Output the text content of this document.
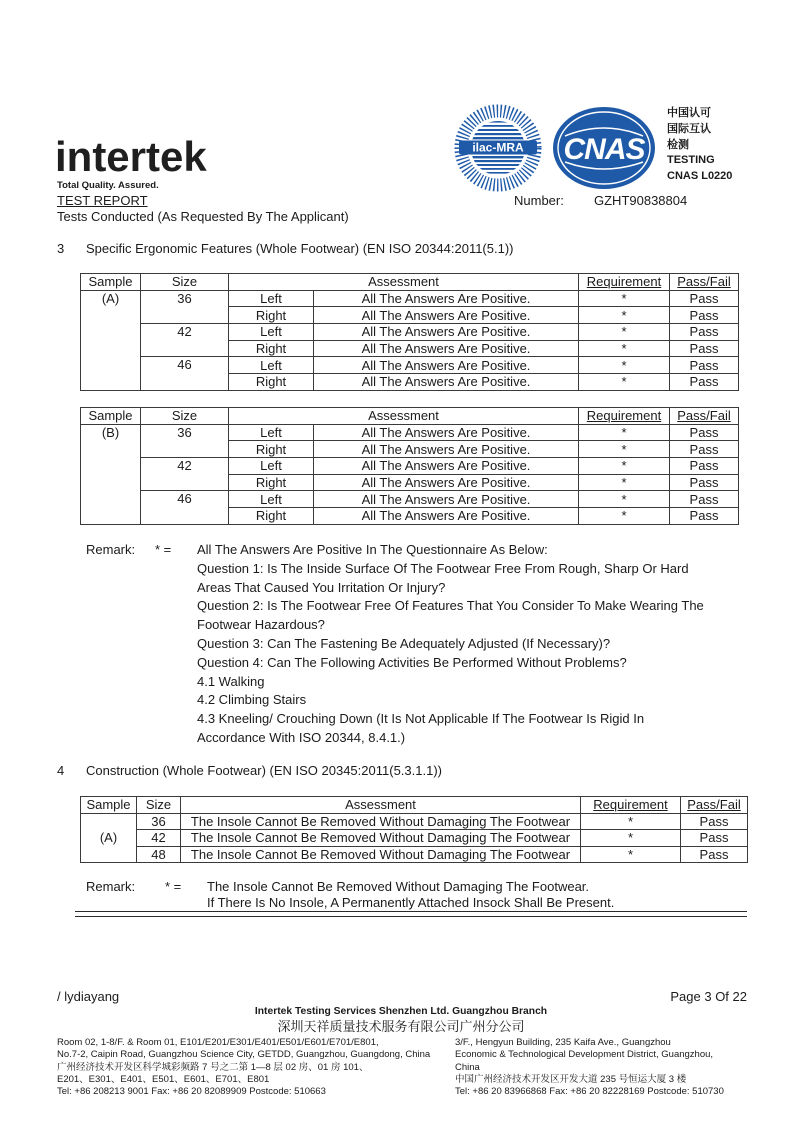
intertek
Total Quality. Assured.
ilac-MRA CNAS
中国认可
国际互认
检测
TESTING
CNAS L0220
TEST REPORT	Number: GZHT90838804
Tests Conducted (As Requested By The Applicant)
3 Specific Ergonomic Features (Whole Footwear) (EN ISO 20344:2011(5.1))
Sample	Size	Assessment		Requirement	Pass/Fail
(A)	36	Left	All The Answers Are Positive.	*	Pass
		Right	All The Answers Are Positive.	*	Pass
	42	Left	All The Answers Are Positive.	*	Pass
		Right	All The Answers Are Positive.	*	Pass
	46	Left	All The Answers Are Positive.	*	Pass
		Right	All The Answers Are Positive.	*	Pass
Sample	Size	Assessment		Requirement	Pass/Fail
(B)	36	Left	All The Answers Are Positive.	*	Pass
		Right	All The Answers Are Positive.	*	Pass
	42	Left	All The Answers Are Positive.	*	Pass
		Right	All The Answers Are Positive.	*	Pass
	46	Left	All The Answers Are Positive.	*	Pass
		Right	All The Answers Are Positive.	*	Pass
Remark: * = All The Answers Are Positive In The Questionnaire As Below:
Question 1: Is The Inside Surface Of The Footwear Free From Rough, Sharp Or Hard
Areas That Caused You Irritation Or Injury?
Question 2: Is The Footwear Free Of Features That You Consider To Make Wearing The
Footwear Hazardous?
Question 3: Can The Fastening Be Adequately Adjusted (If Necessary)?
Question 4: Can The Following Activities Be Performed Without Problems?
4.1 Walking
4.2 Climbing Stairs
4.3 Kneeling/ Crouching Down (It Is Not Applicable If The Footwear Is Rigid In
Accordance With ISO 20344, 8.4.1.)
4 Construction (Whole Footwear) (EN ISO 20345:2011(5.3.1.1))
Sample	Size	Assessment	Requirement	Pass/Fail
(A)	36	The Insole Cannot Be Removed Without Damaging The Footwear	*	Pass
	42	The Insole Cannot Be Removed Without Damaging The Footwear	*	Pass
	48	The Insole Cannot Be Removed Without Damaging The Footwear	*	Pass
Remark: * = The Insole Cannot Be Removed Without Damaging The Footwear.
If There Is No Insole, A Permanently Attached Insock Shall Be Present.
/ lydiayang	Page 3 Of 22
Intertek Testing Services Shenzhen Ltd. Guangzhou Branch
深圳天祥质量技术服务有限公司广州分公司
Room 02, 1-8/F. & Room 01, E101/E201/E301/E401/E501/E601/E701/E801,
No.7-2, Caipin Road, Guangzhou Science City, GETDD, Guangzhou, Guangdong, China
广州经济技术开发区科学城彩频路 7 号之二第 1—8 层 02 房、01 房 101、
E201、E301、E401、E501、E601、E701、E801
Tel: +86 208213 9001 Fax: +86 20 82089909 Postcode: 510663
3/F., Hengyun Building, 235 Kaifa Ave., Guangzhou
Economic & Technological Development District, Guangzhou,
China
中国广州经济技术开发区开发大道 235 号恒运大厦 3 楼
Tel: +86 20 83966868 Fax: +86 20 82228169 Postcode: 510730
